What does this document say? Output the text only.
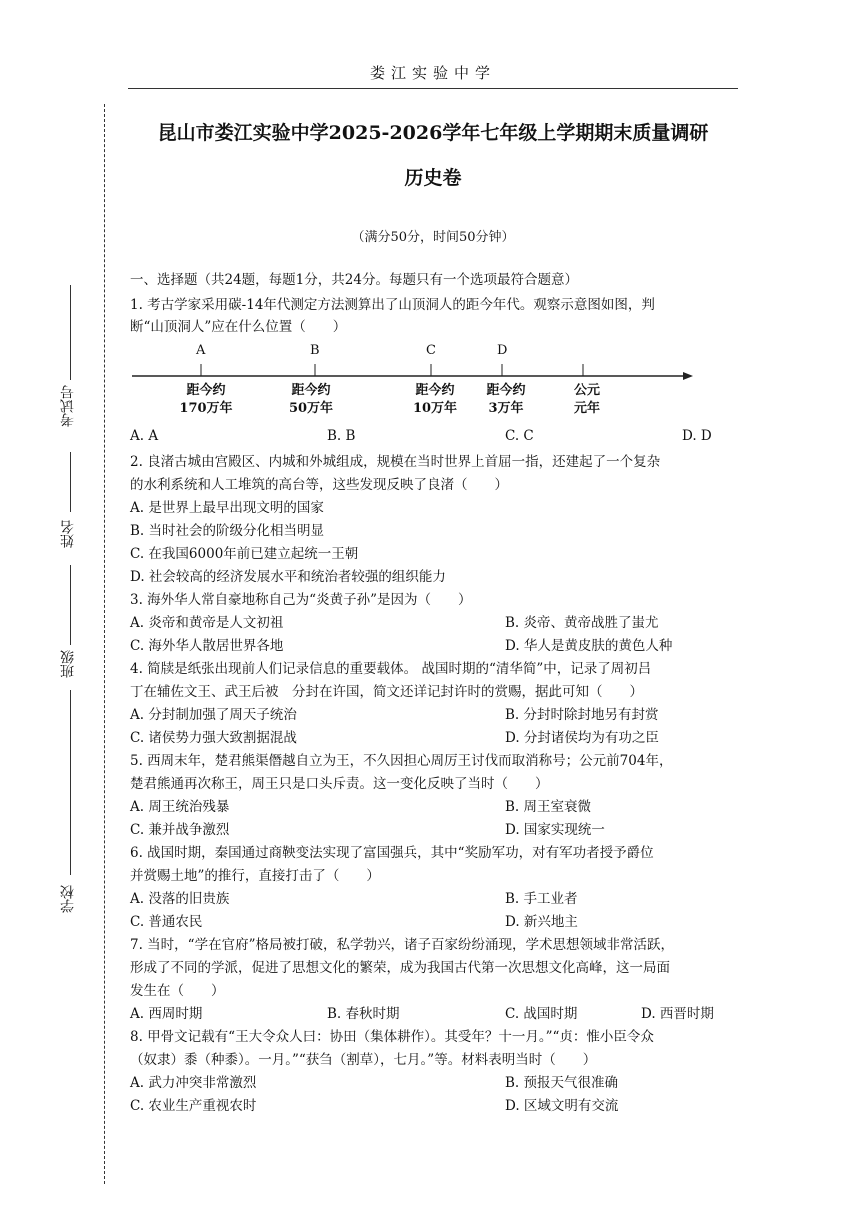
娄江实验中学
考试号
姓名
班级
学校
昆山市娄江实验中学2025-2026学年七年级上学期期末质量调研
历史卷
（满分50分，时间50分钟）
一、选择题（共24题，每题1分，共24分。每题只有一个选项最符合题意）
1. 考古学家采用碳-14年代测定方法测算出了山顶洞人的距今年代。观察示意图如图，判
断“山顶洞人”应在什么位置（　　）
A	B	C	D
距今约
170万年
距今约
50万年
距今约
10万年
距今约
3万年
公元
元年
A. A	B. B	C. C	D. D
2. 良渚古城由宫殿区、内城和外城组成，规模在当时世界上首屈一指，还建起了一个复杂
的水利系统和人工堆筑的高台等，这些发现反映了良渚（　　）
A. 是世界上最早出现文明的国家
B. 当时社会的阶级分化相当明显
C. 在我国6000年前已建立起统一王朝
D. 社会较高的经济发展水平和统治者较强的组织能力
3. 海外华人常自豪地称自己为“炎黄子孙”是因为（　　）
A. 炎帝和黄帝是人文初祖	B. 炎帝、黄帝战胜了蚩尤
C. 海外华人散居世界各地	D. 华人是黄皮肤的黄色人种
4. 简牍是纸张出现前人们记录信息的重要载体。 战国时期的“清华简”中，记录了周初吕
丁在辅佐文王、武王后被　分封在许国，简文还详记封许时的赏赐，据此可知（　　）
A. 分封制加强了周天子统治	B. 分封时除封地另有封赏
C. 诸侯势力强大致割据混战	D. 分封诸侯均为有功之臣
5. 西周末年，楚君熊渠僭越自立为王，不久因担心周厉王讨伐而取消称号；公元前704年，
楚君熊通再次称王，周王只是口头斥责。这一变化反映了当时（　　）
A. 周王统治残暴	B. 周王室衰微
C. 兼并战争激烈	D. 国家实现统一
6. 战国时期，秦国通过商鞅变法实现了富国强兵，其中“奖励军功，对有军功者授予爵位
并赏赐土地”的推行，直接打击了（　　）
A. 没落的旧贵族	B. 手工业者
C. 普通农民	D. 新兴地主
7. 当时，“学在官府”格局被打破，私学勃兴，诸子百家纷纷涌现，学术思想领域非常活跃，
形成了不同的学派，促进了思想文化的繁荣，成为我国古代第一次思想文化高峰，这一局面
发生在（　　）
A. 西周时期	B. 春秋时期	C. 战国时期	D. 西晋时期
8. 甲骨文记载有“王大令众人曰：协田（集体耕作）。其受年？十一月。”“贞：惟小臣令众
（奴隶）黍（种黍）。一月。”“获刍（割草），七月。”等。材料表明当时（　　）
A. 武力冲突非常激烈	B. 预报天气很准确
C. 农业生产重视农时	D. 区域文明有交流
